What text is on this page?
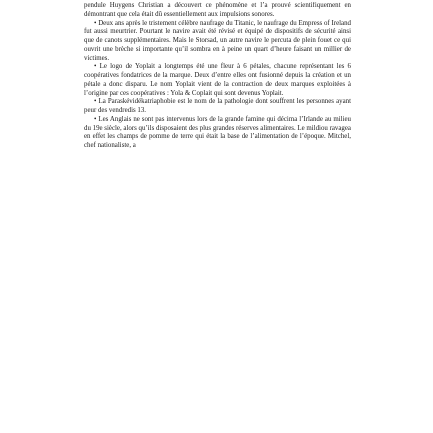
pendule Huygens Christian a découvert ce phénomène et l’a prouvé scientifiquement en démontrant que cela était dû essentiellement aux impulsions sonores.

• Deux ans après le tristement célèbre naufrage du Titanic, le naufrage du Empress of Ireland fut aussi meurtrier. Pourtant le navire avait été révisé et équipé de dispositifs de sécurité ainsi que de canots supplémentaires. Mais le Storsad, un autre navire le percuta de plein fouet ce qui ouvrit une brèche si importante qu’il sombra en à peine un quart d’heure faisant un millier de victimes.

• Le logo de Yoplait a longtemps été une fleur à 6 pétales, chacune représentant les 6 coopératives fondatrices de la marque. Deux d’entre elles ont fusionné depuis la création et un pétale a donc disparu. Le nom Yoplait vient de la contraction de deux marques exploitées à l’origine par ces coopératives : Yola & Coplait qui sont devenus Yoplait.

• La Paraskévidékatriaphobie est le nom de la pathologie dont souffrent les personnes ayant peur des vendredis 13.

• Les Anglais ne sont pas intervenus lors de la grande famine qui décima l’Irlande au milieu du 19e siècle, alors qu’ils disposaient des plus grandes réserves alimentaires. Le mildiou ravagea en effet les champs de pomme de terre qui était la base de l’alimentation de l’époque. Mitchel, chef nationaliste, a
